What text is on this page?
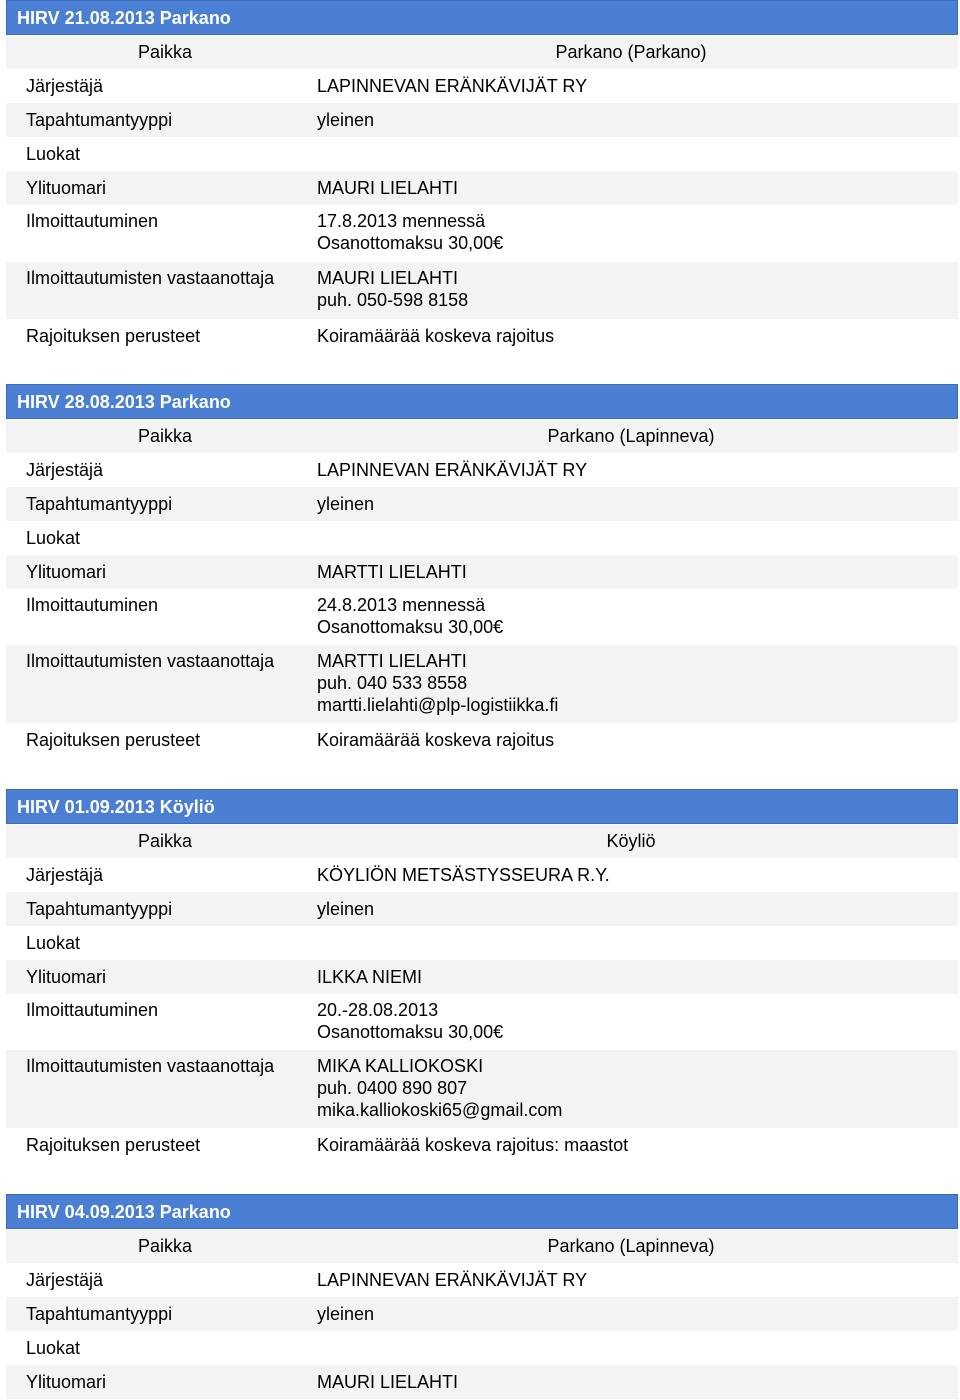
HIRV 21.08.2013 Parkano
Paikka	Parkano (Parkano)
Järjestäjä	LAPINNEVAN ERÄNKÄVIJÄT RY
Tapahtumantyyppi	yleinen
Luokat
Ylituomari	MAURI LIELAHTI
Ilmoittautuminen	17.8.2013 mennessä
Osanottomaksu 30,00€
Ilmoittautumisten vastaanottaja	MAURI LIELAHTI
puh. 050-598 8158
Rajoituksen perusteet	Koiramäärää koskeva rajoitus
HIRV 28.08.2013 Parkano
Paikka	Parkano (Lapinneva)
Järjestäjä	LAPINNEVAN ERÄNKÄVIJÄT RY
Tapahtumantyyppi	yleinen
Luokat
Ylituomari	MARTTI LIELAHTI
Ilmoittautuminen	24.8.2013 mennessä
Osanottomaksu 30,00€
Ilmoittautumisten vastaanottaja	MARTTI LIELAHTI
puh. 040 533 8558
martti.lielahti@plp-logistiikka.fi
Rajoituksen perusteet	Koiramäärää koskeva rajoitus
HIRV 01.09.2013 Köyliö
Paikka	Köyliö
Järjestäjä	KÖYLIÖN METSÄSTYSSEURA R.Y.
Tapahtumantyyppi	yleinen
Luokat
Ylituomari	ILKKA NIEMI
Ilmoittautuminen	20.-28.08.2013
Osanottomaksu 30,00€
Ilmoittautumisten vastaanottaja	MIKA KALLIOKOSKI
puh. 0400 890 807
mika.kalliokoski65@gmail.com
Rajoituksen perusteet	Koiramäärää koskeva rajoitus: maastot
HIRV 04.09.2013 Parkano
Paikka	Parkano (Lapinneva)
Järjestäjä	LAPINNEVAN ERÄNKÄVIJÄT RY
Tapahtumantyyppi	yleinen
Luokat
Ylituomari	MAURI LIELAHTI
